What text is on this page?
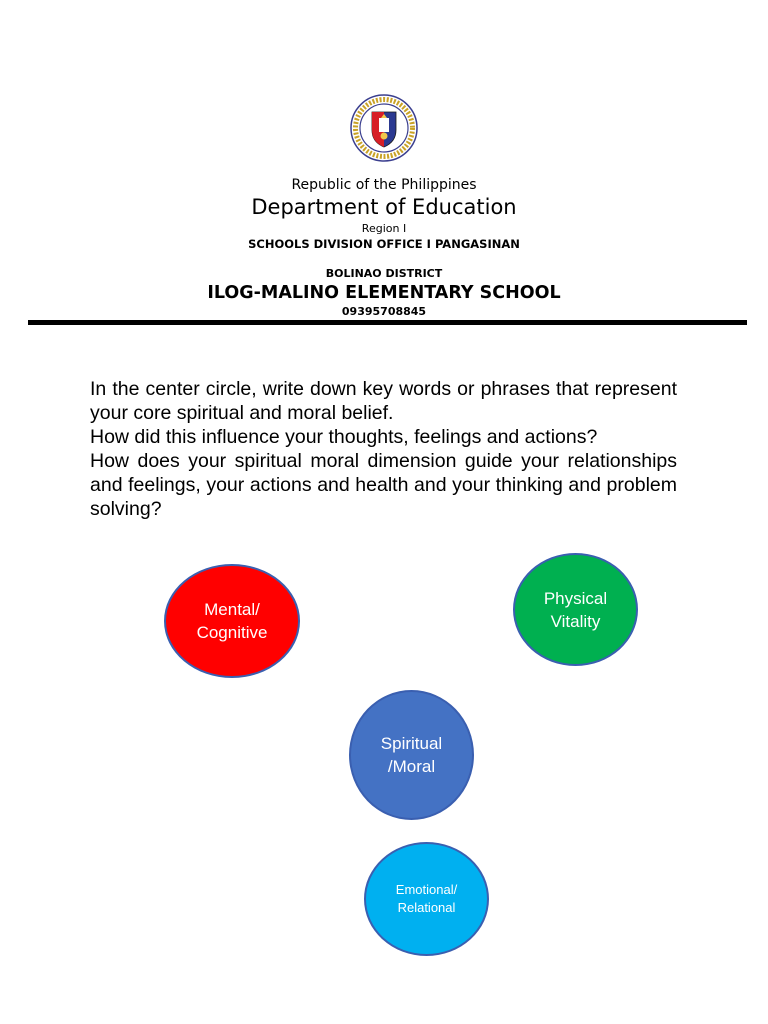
Republic of the Philippines
Department of Education
Region I
SCHOOLS DIVISION OFFICE I PANGASINAN
BOLINAO DISTRICT
ILOG-MALINO ELEMENTARY SCHOOL
09395708845

In the center circle, write down key words or phrases that represent your core spiritual and moral belief.

How did this influence your thoughts, feelings and actions?

How does your spiritual moral dimension guide your relationships and feelings, your actions and health and your thinking and problem solving?

Mental/
Cognitive
Physical
Vitality
Spiritual
/Moral
Emotional/
Relational
